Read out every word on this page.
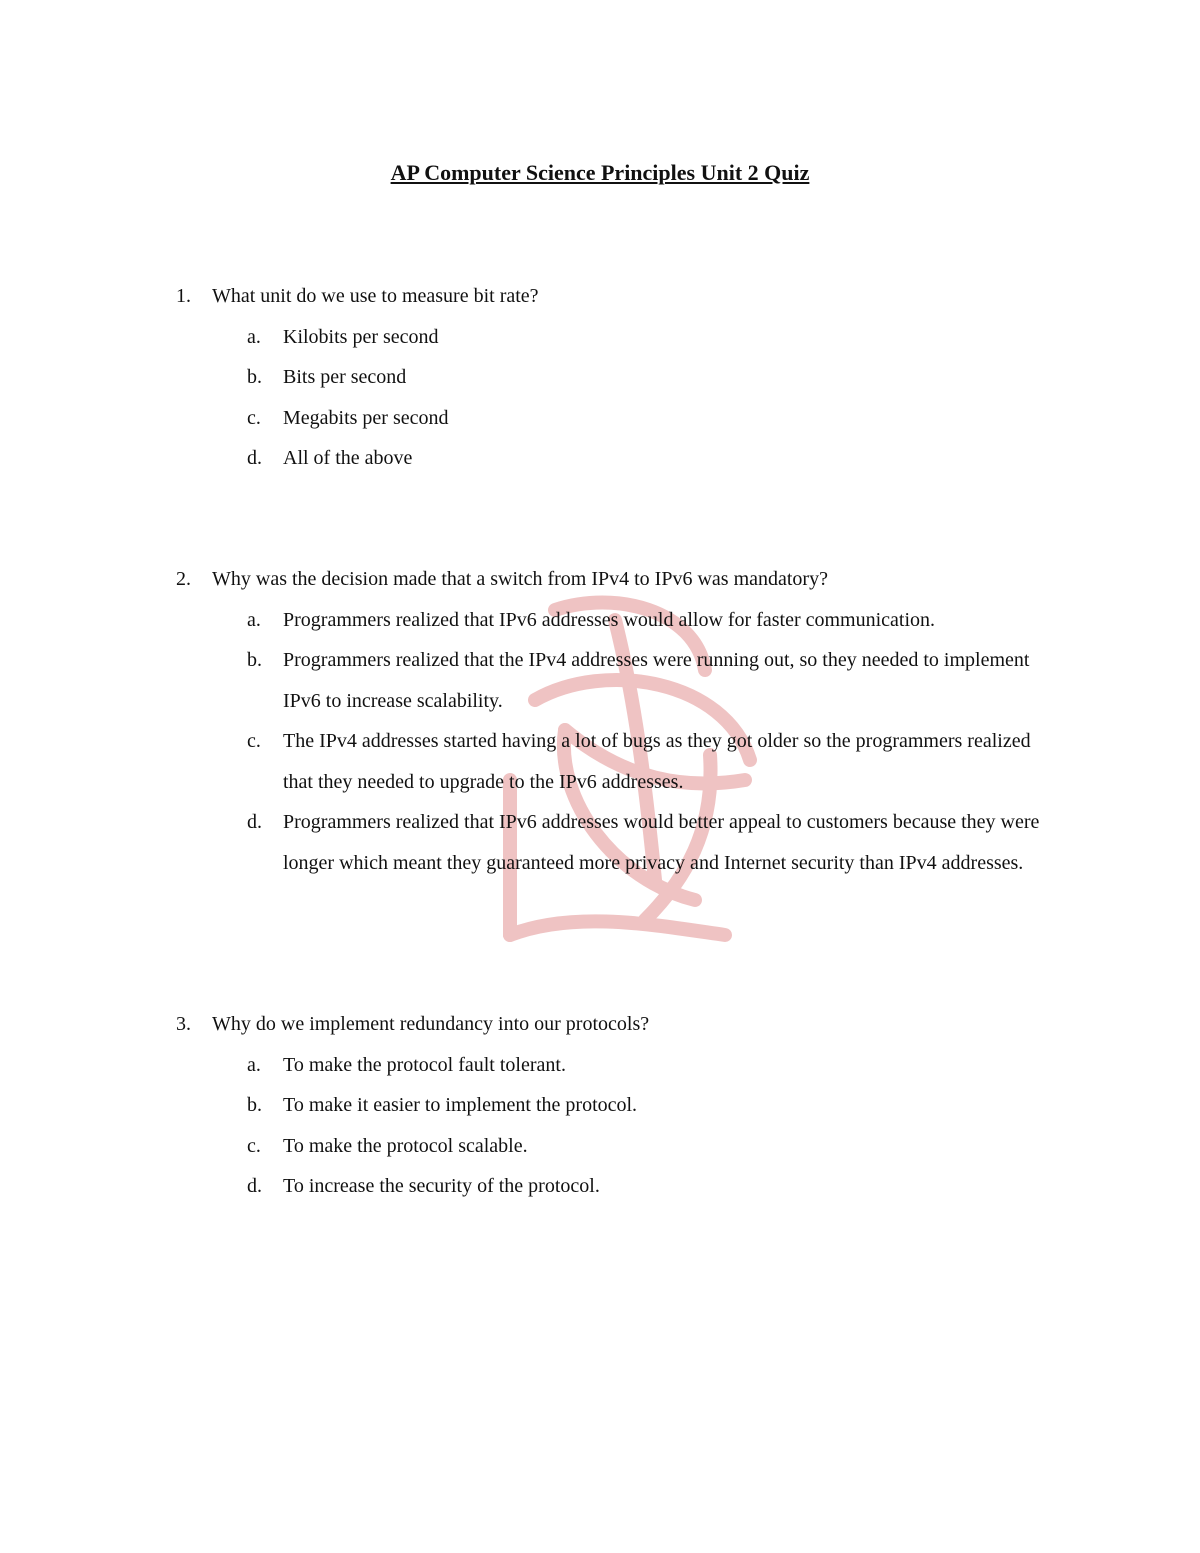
AP Computer Science Principles Unit 2 Quiz
1.	What unit do we use to measure bit rate?
a.	Kilobits per second
b.	Bits per second
c.	Megabits per second
d.	All of the above
2.	Why was the decision made that a switch from IPv4 to IPv6 was mandatory?
a.	Programmers realized that IPv6 addresses would allow for faster communication.
b.	Programmers realized that the IPv4 addresses were running out, so they needed to implement IPv6 to increase scalability.
c.	The IPv4 addresses started having a lot of bugs as they got older so the programmers realized that they needed to upgrade to the IPv6 addresses.
d.	Programmers realized that IPv6 addresses would better appeal to customers because they were longer which meant they guaranteed more privacy and Internet security than IPv4 addresses.
3.	Why do we implement redundancy into our protocols?
a.	To make the protocol fault tolerant.
b.	To make it easier to implement the protocol.
c.	To make the protocol scalable.
d.	To increase the security of the protocol.
